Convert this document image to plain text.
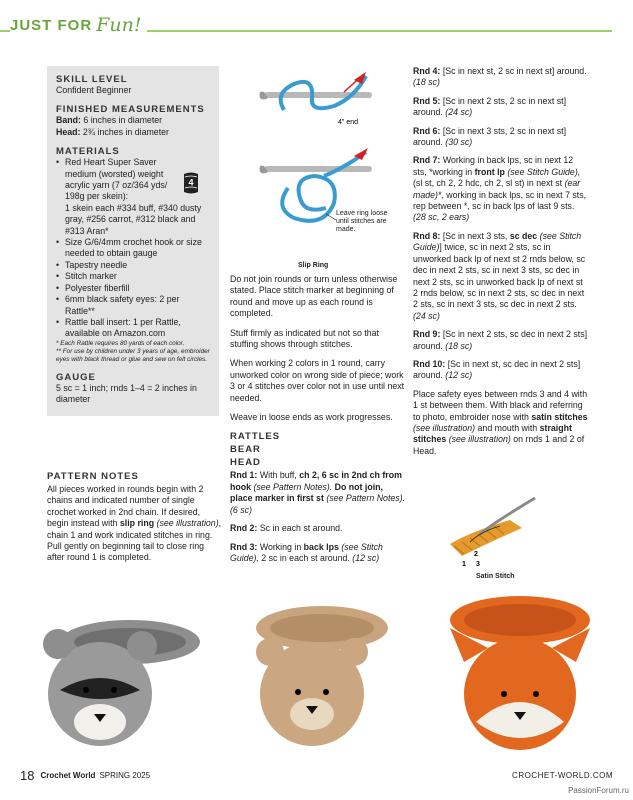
JUST FOR Fun!
SKILL LEVEL
Confident Beginner
FINISHED MEASUREMENTS
Band: 6 inches in diameter
Head: 2¾ inches in diameter
MATERIALS
• Red Heart Super Saver medium (worsted) weight acrylic yarn (7 oz/364 yds/ 198g per skein):
1 skein each #334 buff, #340 dusty gray, #256 carrot, #312 black and #313 Aran*
• Size G/6/4mm crochet hook or size needed to obtain gauge
• Tapestry needle
• Stitch marker
• Polyester fiberfill
• 6mm black safety eyes: 2 per Rattle**
• Rattle ball insert: 1 per Rattle, available on Amazon.com
* Each Rattle requires 80 yards of each color.
** For use by children under 3 years of age, embroider eyes with black thread or glue and sew on felt circles.
GAUGE
5 sc = 1 inch; rnds 1–4 = 2 inches in diameter
4
PATTERN NOTES
All pieces worked in rounds begin with 2 chains and indicated number of single crochet worked in 2nd chain. If desired, begin instead with slip ring (see illustration), chain 1 and work indicated stitches in ring. Pull gently on beginning tail to close ring after round 1 is completed.
4" end
Leave ring loose until stitches are made.
Slip Ring
Do not join rounds or turn unless otherwise stated. Place stitch marker at beginning of round and move up as each round is completed.
Stuff firmly as indicated but not so that stuffing shows through stitches.
When working 2 colors in 1 round, carry unworked color on wrong side of piece; work 3 or 4 stitches over color not in use until next needed.
Weave in loose ends as work progresses.
RATTLES
BEAR
HEAD
Rnd 1: With buff, ch 2, 6 sc in 2nd ch from hook (see Pattern Notes). Do not join, place marker in first st (see Pattern Notes). (6 sc)
Rnd 2: Sc in each st around.
Rnd 3: Working in back lps (see Stitch Guide), 2 sc in each st around. (12 sc)
Rnd 4: [Sc in next st, 2 sc in next st] around. (18 sc)
Rnd 5: [Sc in next 2 sts, 2 sc in next st] around. (24 sc)
Rnd 6: [Sc in next 3 sts, 2 sc in next st] around. (30 sc)
Rnd 7: Working in back lps, sc in next 12 sts, *working in front lp (see Stitch Guide), (sl st, ch 2, 2 hdc, ch 2, sl st) in next st (ear made)*, working in back lps, sc in next 7 sts, rep between *, sc in back lps of last 9 sts. (28 sc, 2 ears)
Rnd 8: [Sc in next 3 sts, sc dec (see Stitch Guide)] twice, sc in next 2 sts, sc in unworked back lp of next st 2 rnds below, sc dec in next 2 sts, sc in next 3 sts, sc dec in next 2 sts, sc in unworked back lp of next st 2 rnds below, sc in next 2 sts, sc dec in next 2 sts, sc in next 3 sts, sc dec in next 2 sts. (24 sc)
Rnd 9: [Sc in next 2 sts, sc dec in next 2 sts] around. (18 sc)
Rnd 10: [Sc in next st, sc dec in next 2 sts] around. (12 sc)
Place safety eyes between rnds 3 and 4 with 1 st between them. With black and referring to photo, embroider nose with satin stitches (see illustration) and mouth with straight stitches (see illustration) on rnds 1 and 2 of Head.
1
2
3
Satin Stitch
18 Crochet World SPRING 2025	CROCHET-WORLD.COM
PassionForum.ru
